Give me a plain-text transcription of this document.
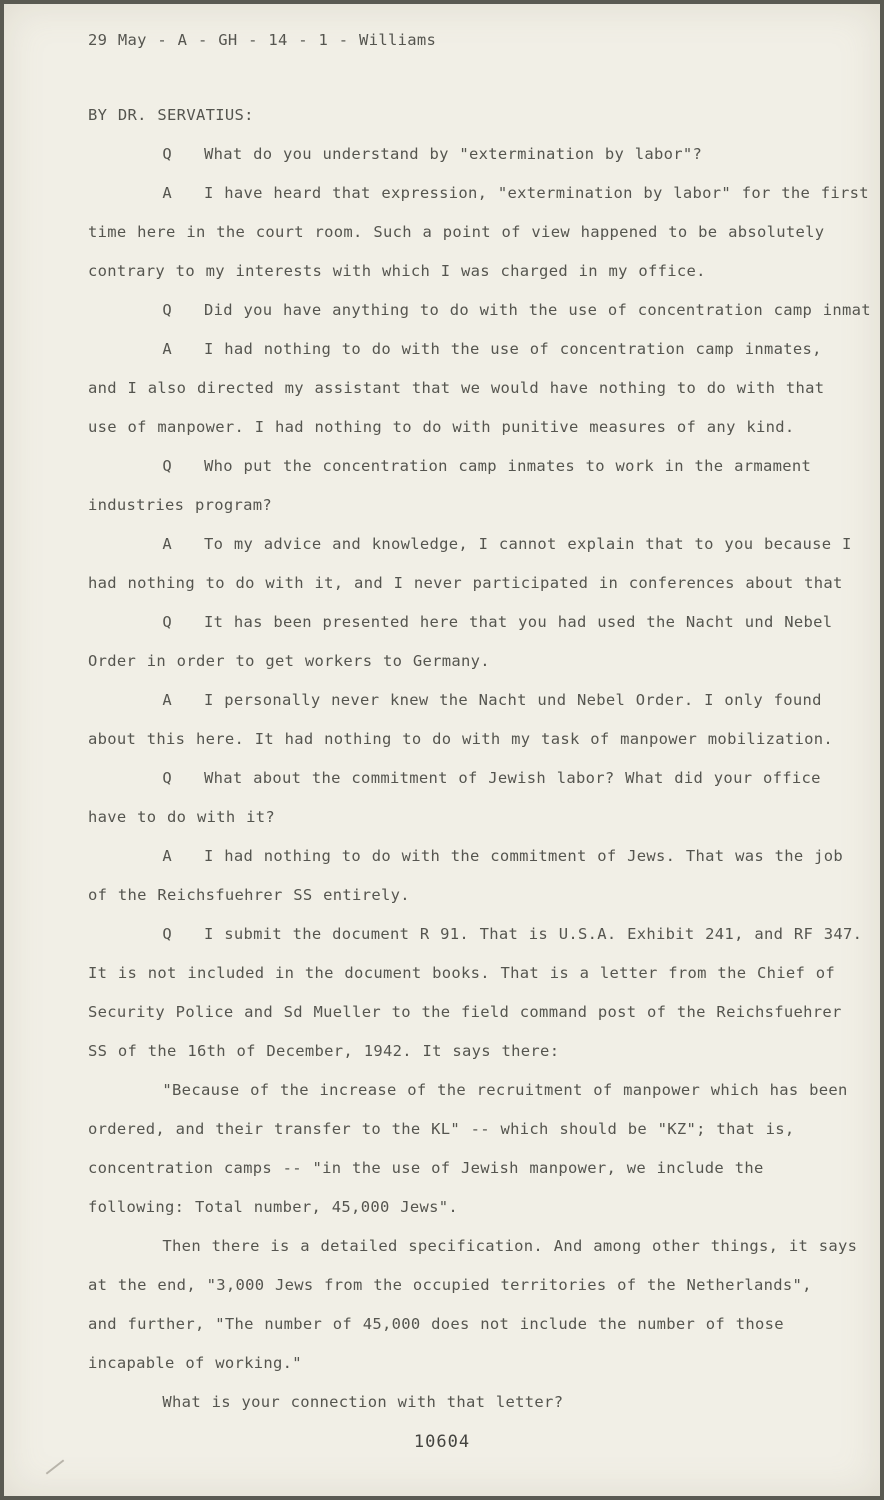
29 May - A - GH - 14 - 1 - Williams
BY DR. SERVATIUS:
Q   What do you understand by "extermination by labor"?
A   I have heard that expression, "extermination by labor" for the first
time here in the court room. Such a point of view happened to be absolutely
contrary to my interests with which I was charged in my office.
Q   Did you have anything to do with the use of concentration camp inmat
A   I had nothing to do with the use of concentration camp inmates,
and I also directed my assistant that we would have nothing to do with that
use of manpower. I had nothing to do with punitive measures of any kind.
Q   Who put the concentration camp inmates to work in the armament
industries program?
A   To my advice and knowledge, I cannot explain that to you because I
had nothing to do with it, and I never participated in conferences about that
Q   It has been presented here that you had used the Nacht und Nebel
Order in order to get workers to Germany.
A   I personally never knew the Nacht und Nebel Order. I only found
about this here. It had nothing to do with my task of manpower mobilization.
Q   What about the commitment of Jewish labor? What did your office
have to do with it?
A   I had nothing to do with the commitment of Jews. That was the job
of the Reichsfuehrer SS entirely.
Q   I submit the document R 91. That is U.S.A. Exhibit 241, and RF 347.
It is not included in the document books. That is a letter from the Chief of
Security Police and Sd Mueller to the field command post of the Reichsfuehrer
SS of the 16th of December, 1942. It says there:
"Because of the increase of the recruitment of manpower which has been
ordered, and their transfer to the KL" -- which should be "KZ"; that is,
concentration camps -- "in the use of Jewish manpower, we include the
following: Total number, 45,000 Jews".
Then there is a detailed specification. And among other things, it says
at the end, "3,000 Jews from the occupied territories of the Netherlands",
and further, "The number of 45,000 does not include the number of those
incapable of working."
What is your connection with that letter?
10604
